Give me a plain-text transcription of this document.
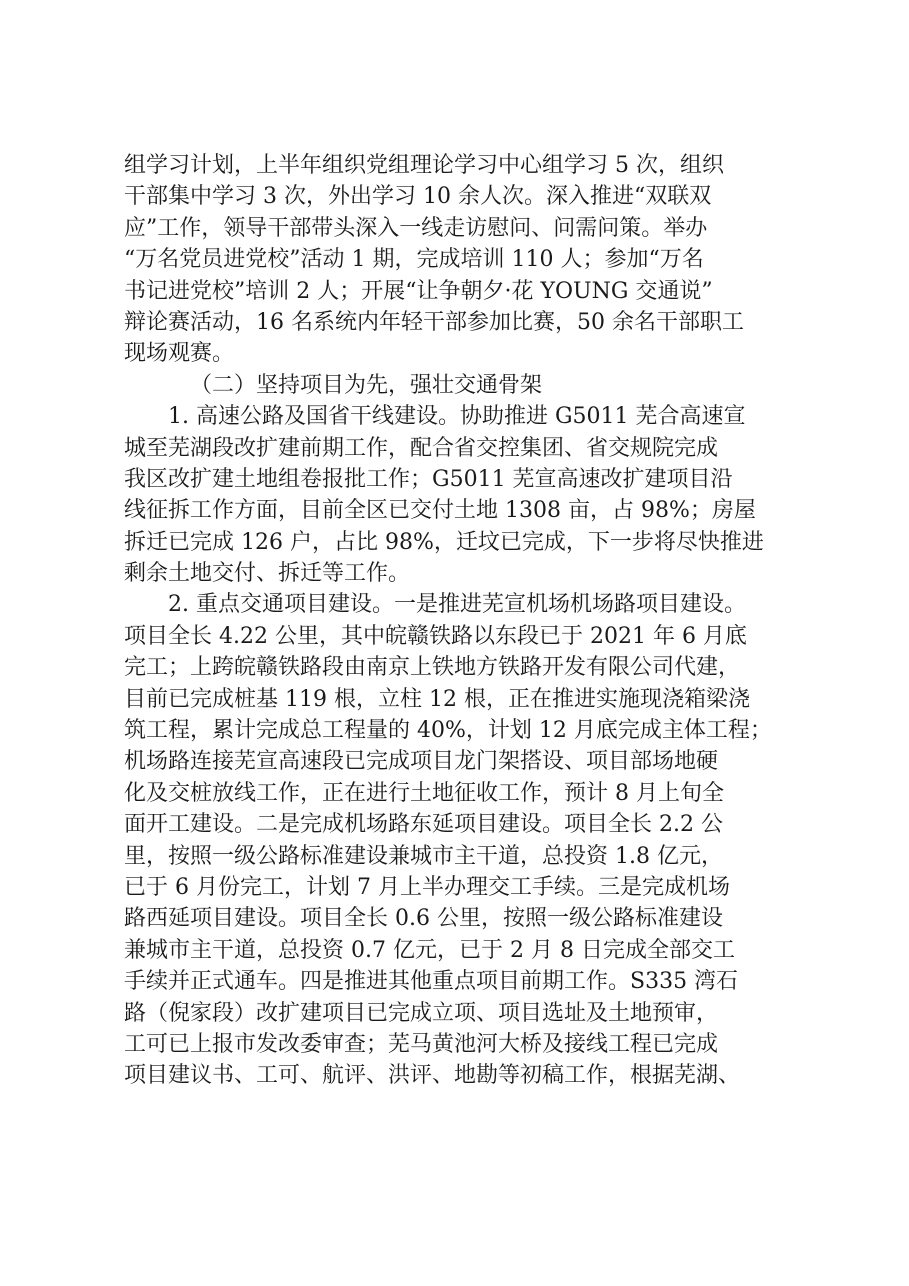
组学习计划，上半年组织党组理论学习中心组学习 5 次，组织
干部集中学习 3 次，外出学习 10 余人次。深入推进“双联双
应”工作，领导干部带头深入一线走访慰问、问需问策。举办
“万名党员进党校”活动 1 期，完成培训 110 人；参加“万名
书记进党校”培训 2 人；开展“让争朝夕·花 YOUNG 交通说”
辩论赛活动，16 名系统内年轻干部参加比赛，50 余名干部职工
现场观赛。
（二）坚持项目为先，强壮交通骨架
1. 高速公路及国省干线建设。协助推进 G5011 芜合高速宣
城至芜湖段改扩建前期工作，配合省交控集团、省交规院完成
我区改扩建土地组卷报批工作；G5011 芜宣高速改扩建项目沿
线征拆工作方面，目前全区已交付土地 1308 亩，占 98%；房屋
拆迁已完成 126 户，占比 98%，迁坟已完成，下一步将尽快推进
剩余土地交付、拆迁等工作。
2. 重点交通项目建设。一是推进芜宣机场机场路项目建设。
项目全长 4.22 公里，其中皖赣铁路以东段已于 2021 年 6 月底
完工；上跨皖赣铁路段由南京上铁地方铁路开发有限公司代建，
目前已完成桩基 119 根，立柱 12 根，正在推进实施现浇箱梁浇
筑工程，累计完成总工程量的 40%，计划 12 月底完成主体工程；
机场路连接芜宣高速段已完成项目龙门架搭设、项目部场地硬
化及交桩放线工作，正在进行土地征收工作，预计 8 月上旬全
面开工建设。二是完成机场路东延项目建设。项目全长 2.2 公
里，按照一级公路标准建设兼城市主干道，总投资 1.8 亿元，
已于 6 月份完工，计划 7 月上半办理交工手续。三是完成机场
路西延项目建设。项目全长 0.6 公里，按照一级公路标准建设
兼城市主干道，总投资 0.7 亿元，已于 2 月 8 日完成全部交工
手续并正式通车。四是推进其他重点项目前期工作。S335 湾石
路（倪家段）改扩建项目已完成立项、项目选址及土地预审，
工可已上报市发改委审查；芜马黄池河大桥及接线工程已完成
项目建议书、工可、航评、洪评、地勘等初稿工作，根据芜湖、
